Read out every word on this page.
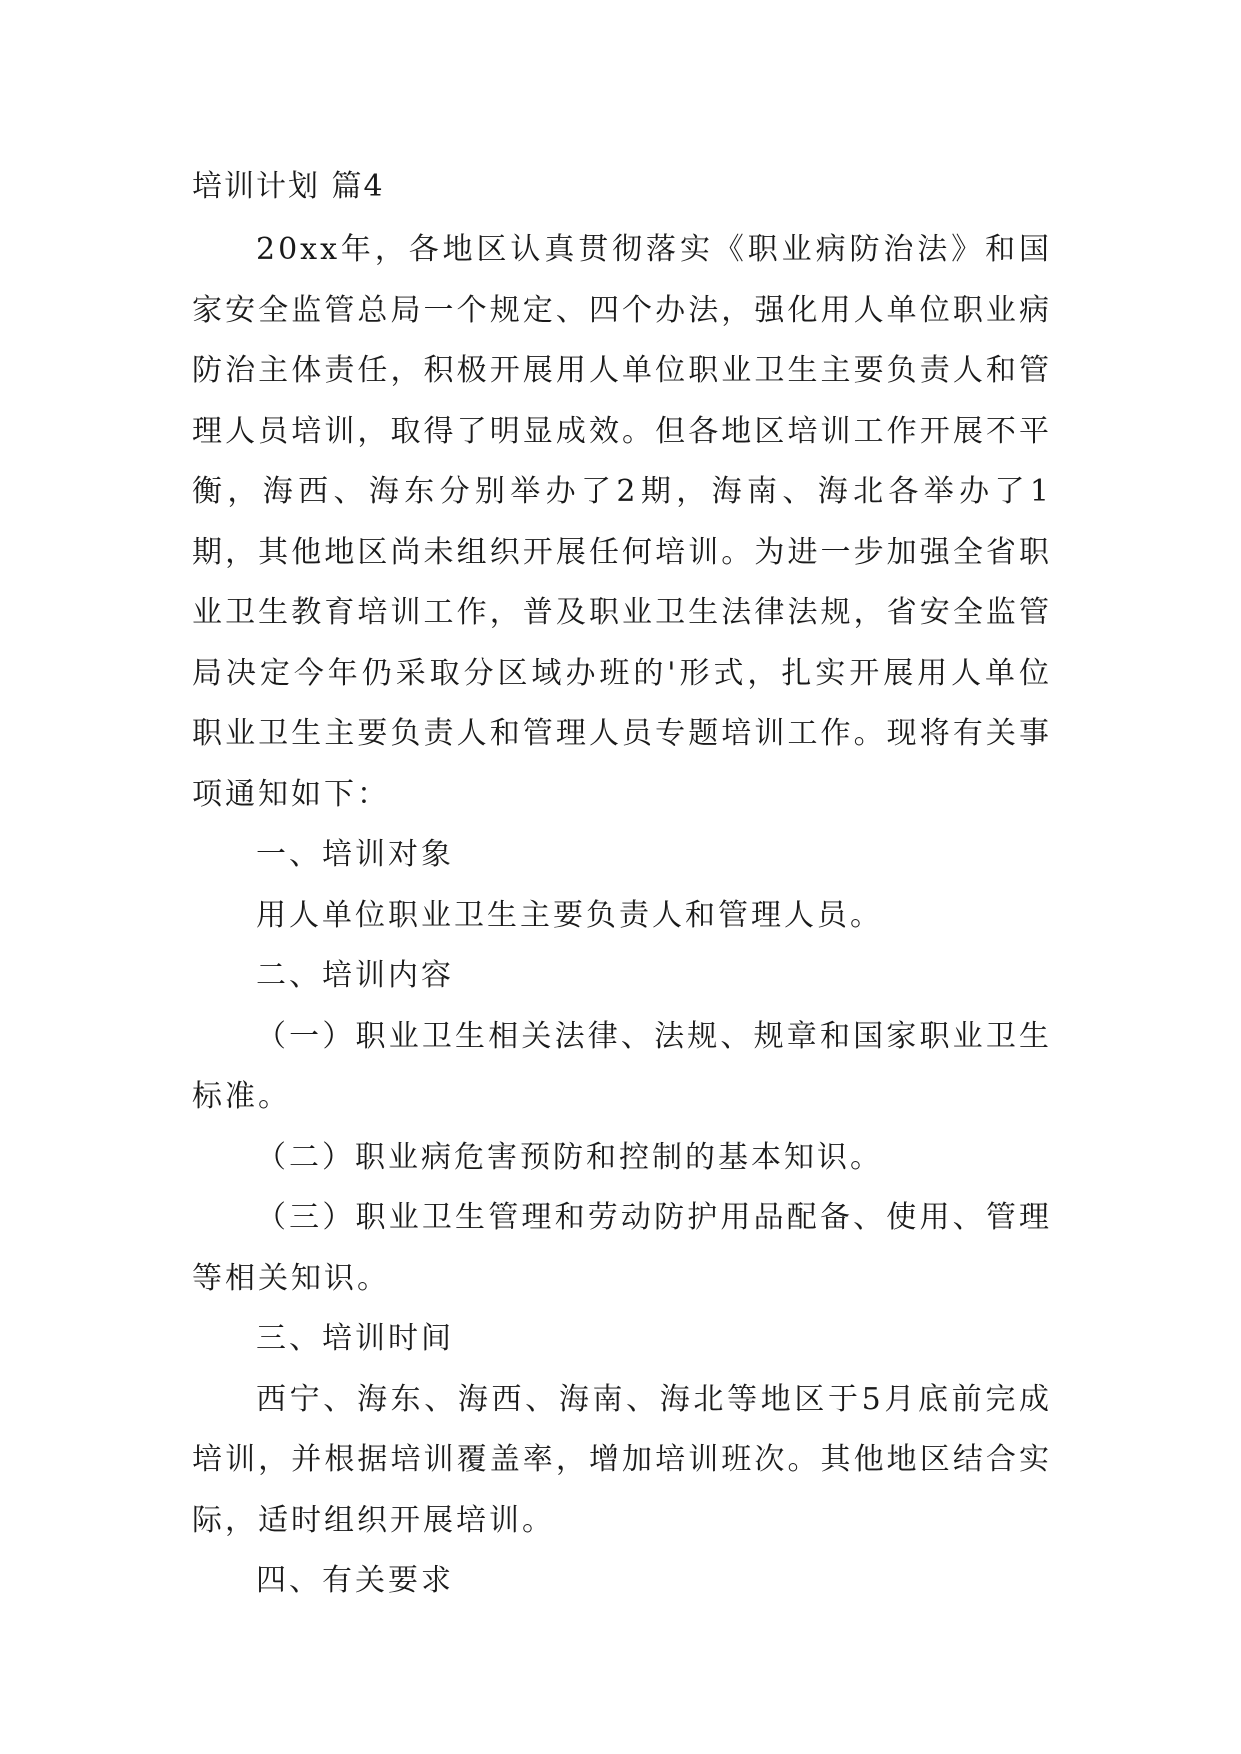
培训计划 篇4

20xx年，各地区认真贯彻落实《职业病防治法》和国家安全监管总局一个规定、四个办法，强化用人单位职业病防治主体责任，积极开展用人单位职业卫生主要负责人和管理人员培训，取得了明显成效。但各地区培训工作开展不平衡，海西、海东分别举办了2期，海南、海北各举办了1期，其他地区尚未组织开展任何培训。为进一步加强全省职业卫生教育培训工作，普及职业卫生法律法规，省安全监管局决定今年仍采取分区域办班的'形式，扎实开展用人单位职业卫生主要负责人和管理人员专题培训工作。现将有关事项通知如下：

一、培训对象

用人单位职业卫生主要负责人和管理人员。

二、培训内容

（一）职业卫生相关法律、法规、规章和国家职业卫生标准。

（二）职业病危害预防和控制的基本知识。

（三）职业卫生管理和劳动防护用品配备、使用、管理等相关知识。

三、培训时间

西宁、海东、海西、海南、海北等地区于5月底前完成培训，并根据培训覆盖率，增加培训班次。其他地区结合实际，适时组织开展培训。

四、有关要求
